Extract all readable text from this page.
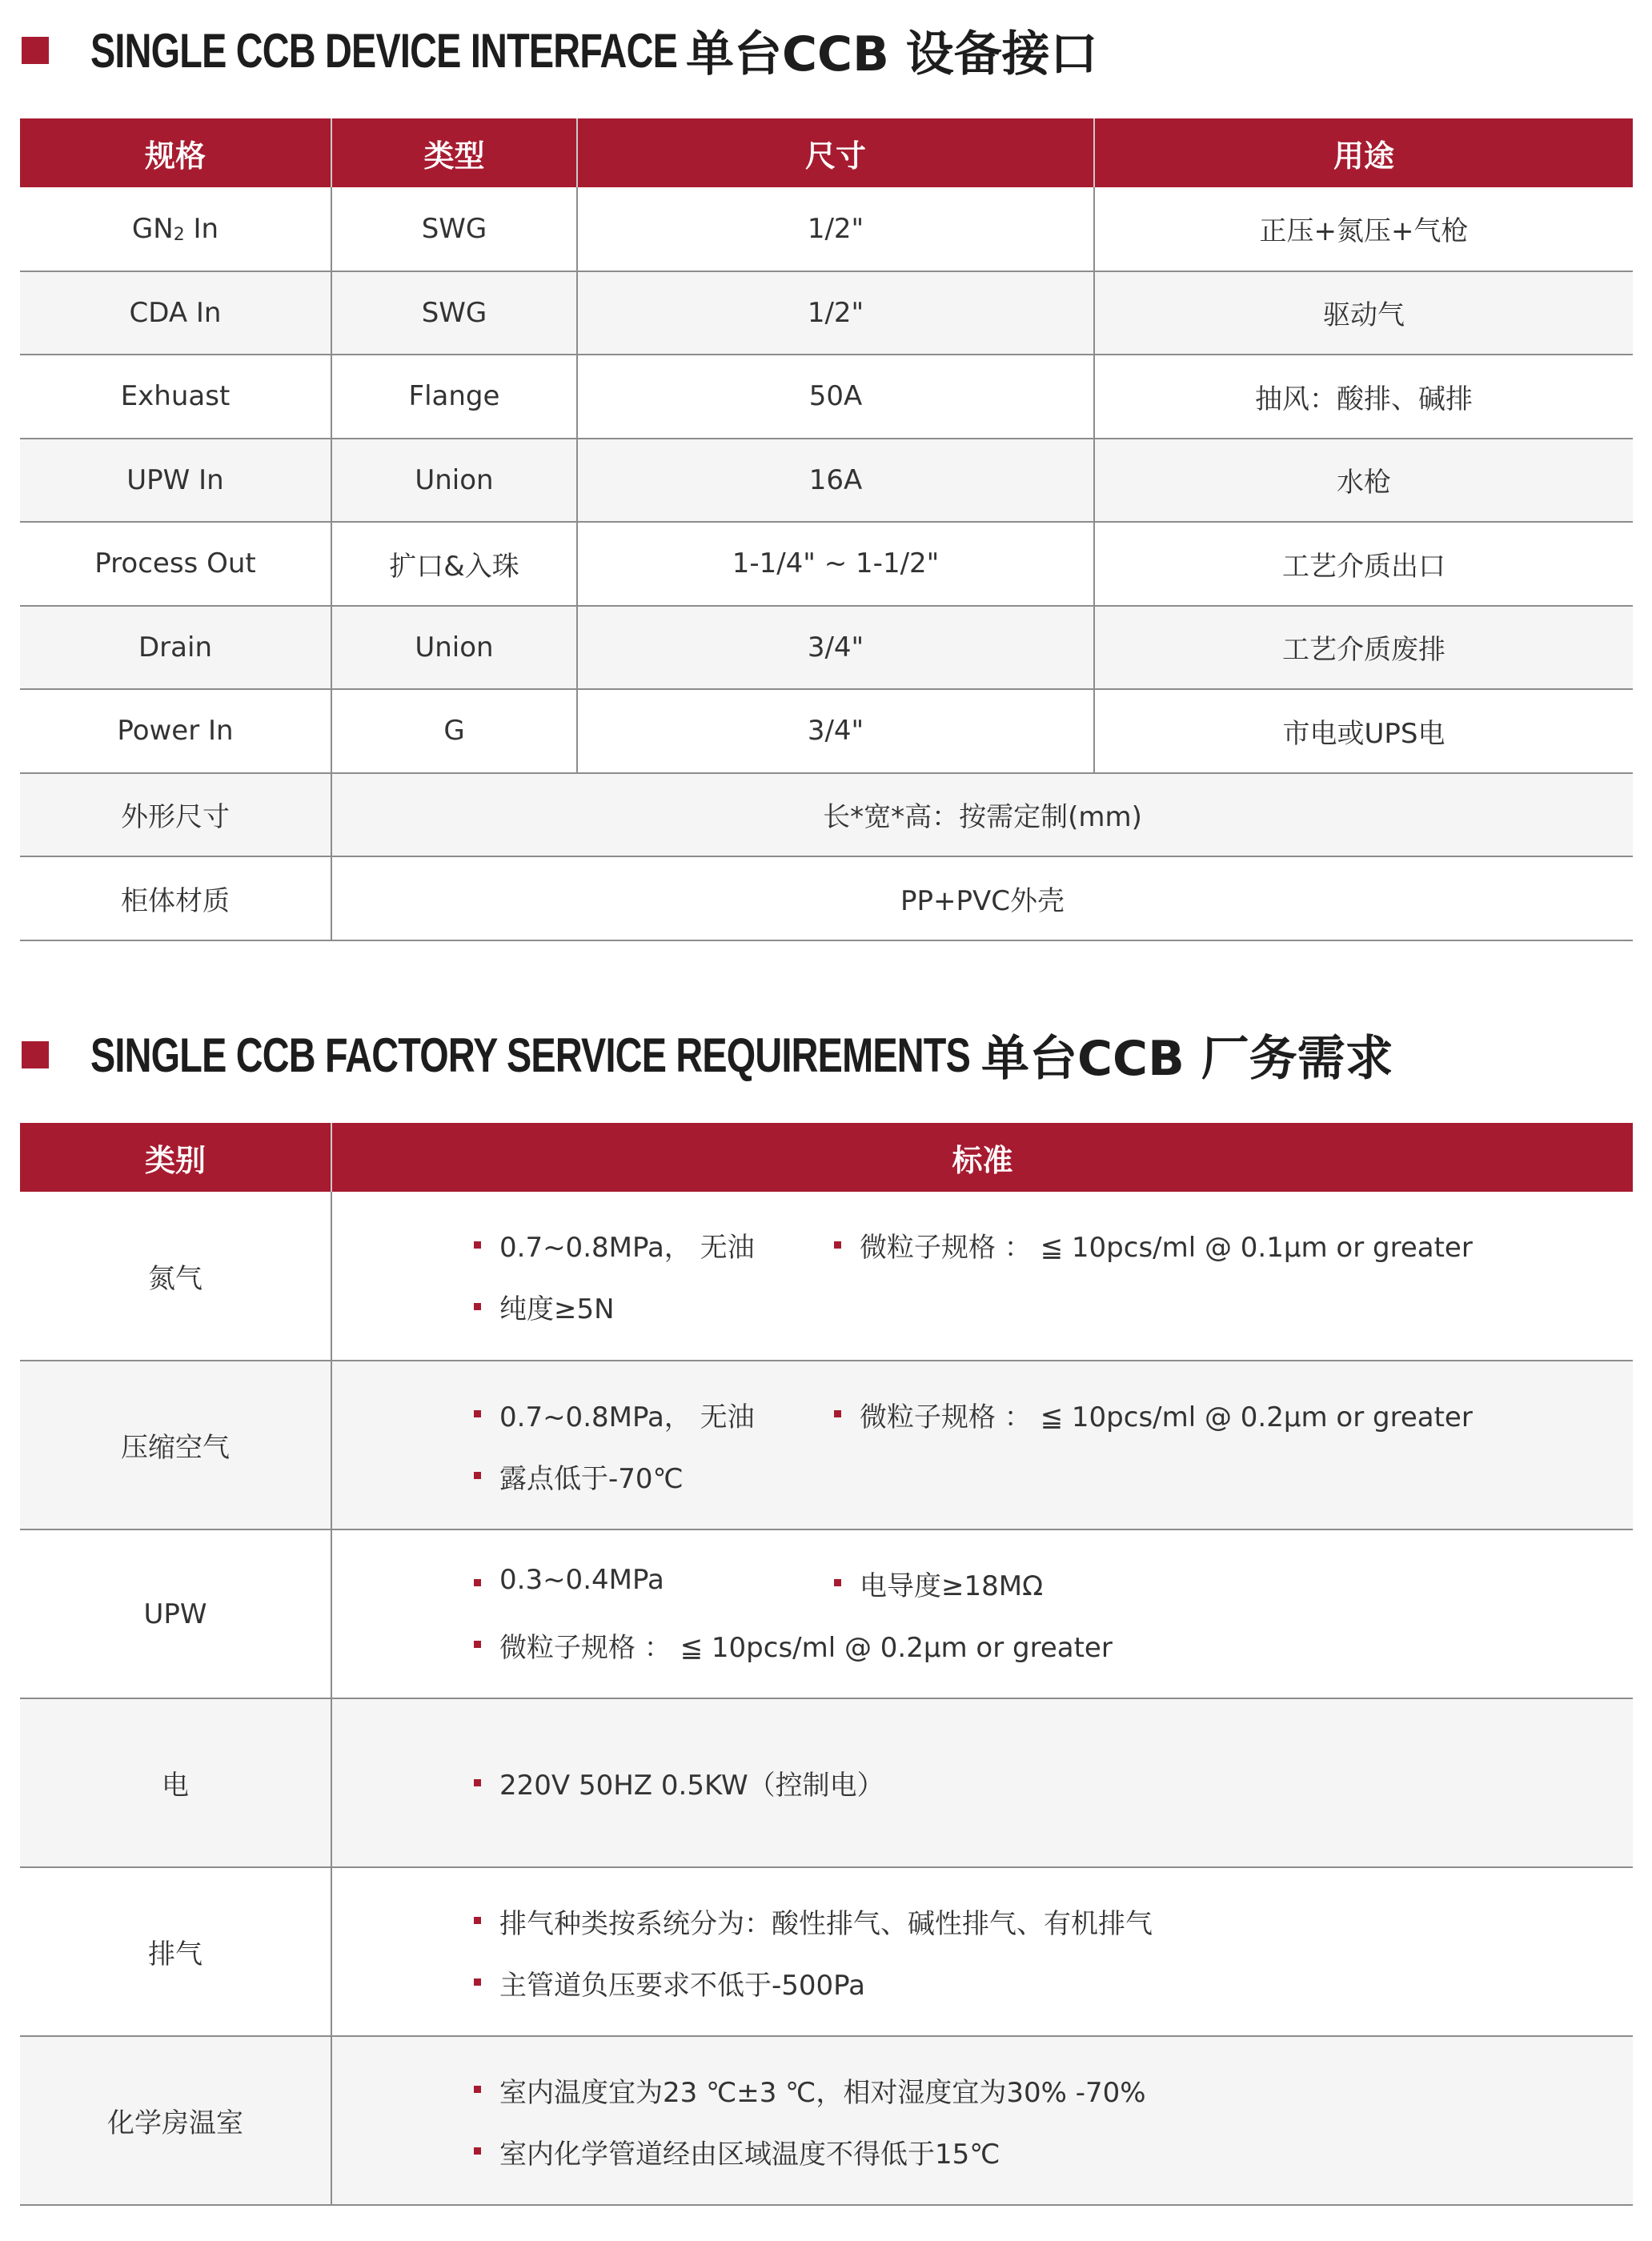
SINGLE CCB DEVICE INTERFACE 单台CCB 设备接口
规格	类型	尺寸	用途
$GN_2$ In	SWG	1/2"	正压+氮压+气枪
CDA In	SWG	1/2"	驱动气
Exhuast	Flange	50A	抽风：酸排、碱排
UPW In	Union	16A	水枪
Process Out	扩口&入珠	1-1/4" ~ 1-1/2"	工艺介质出口
Drain	Union	3/4"	工艺介质废排
Power In	G	3/4"	市电或UPS电
外形尺寸	长*宽*高：按需定制(mm)		
柜体材质	PP+PVC外壳		
SINGLE CCB FACTORY SERVICE REQUIREMENTS 单台CCB 厂务需求
类别	标准
氮气	0.7~0.8MPa， 无油 微粒子规格 ： ≦ 10pcs/ml @ 0.1μm or greater
纯度≥5N

压缩空气	0.7~0.8MPa， 无油 微粒子规格 ： ≦ 10pcs/ml @ 0.2μm or greater
露点低于-70℃

UPW	0.3~0.4MPa 电导度≥18MΩ
微粒子规格 ： ≦ 10pcs/ml @ 0.2μm or greater

电	220V 50HZ 0.5KW（控制电）

排气	排气种类按系统分为：酸性排气、碱性排气、有机排气
主管道负压要求不低于-500Pa

化学房温室	室内温度宜为23 ℃±3 ℃，相对湿度宜为30% -70%
室内化学管道经由区域温度不得低于15℃
